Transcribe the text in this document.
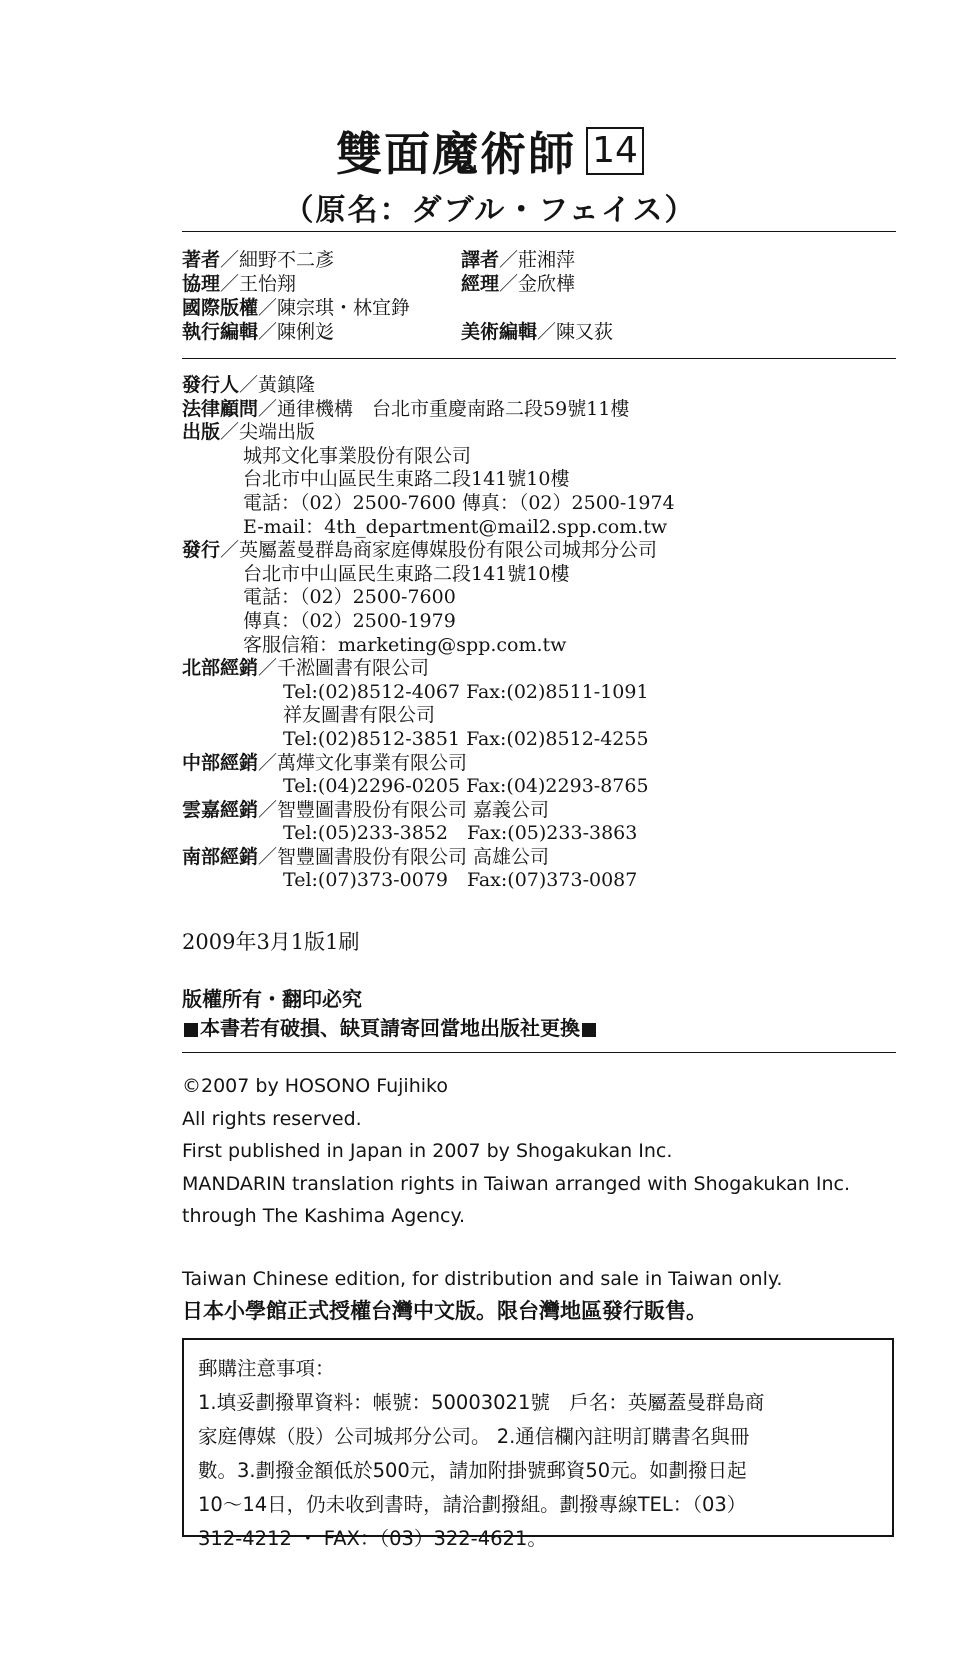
雙面魔術師 14
（原名：ダブル・フェイス）
著者／細野不二彥	譯者／莊湘萍
協理／王怡翔	經理／金欣樺
國際版權／陳宗琪・林宜錚
執行編輯／陳俐彣	美術編輯／陳又荻
發行人／黃鎮隆
法律顧問／通律機構　台北市重慶南路二段59號11樓
出版／尖端出版
城邦文化事業股份有限公司
台北市中山區民生東路二段141號10樓
電話：（02）2500-7600 傳真：（02）2500-1974
E-mail：4th_department@mail2.spp.com.tw
發行／英屬蓋曼群島商家庭傳媒股份有限公司城邦分公司
台北市中山區民生東路二段141號10樓
電話：（02）2500-7600
傳真：（02）2500-1979
客服信箱：marketing@spp.com.tw
北部經銷／千淞圖書有限公司
Tel:(02)8512-4067 Fax:(02)8511-1091
祥友圖書有限公司
Tel:(02)8512-3851 Fax:(02)8512-4255
中部經銷／萬燁文化事業有限公司
Tel:(04)2296-0205 Fax:(04)2293-8765
雲嘉經銷／智豐圖書股份有限公司 嘉義公司
Tel:(05)233-3852　Fax:(05)233-3863
南部經銷／智豐圖書股份有限公司 高雄公司
Tel:(07)373-0079　Fax:(07)373-0087
2009年3月1版1刷
版權所有・翻印必究
本書若有破損、缺頁請寄回當地出版社更換
©2007 by HOSONO Fujihiko
All rights reserved.
First published in Japan in 2007 by Shogakukan Inc.
MANDARIN translation rights in Taiwan arranged with Shogakukan Inc.
through The Kashima Agency.
Taiwan Chinese edition, for distribution and sale in Taiwan only.
日本小學館正式授權台灣中文版。限台灣地區發行販售。
郵購注意事項：
1.填妥劃撥單資料：帳號：50003021號　戶名：英屬蓋曼群島商
家庭傳媒（股）公司城邦分公司。 2.通信欄內註明訂購書名與冊
數。3.劃撥金額低於500元，請加附掛號郵資50元。如劃撥日起
10～14日，仍未收到書時，請洽劃撥組。劃撥專線TEL：（03）
312-4212 ・ FAX：（03）322-4621。
